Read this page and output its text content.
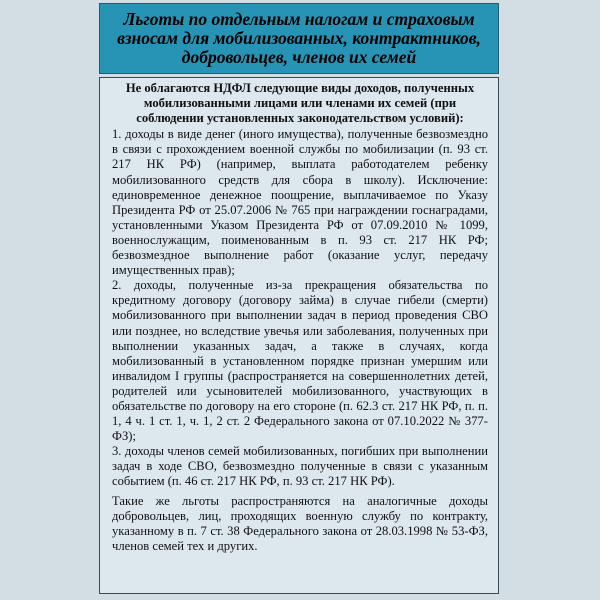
Льготы по отдельным налогам и страховым взносам для мобилизованных, контрактников, добровольцев, членов их семей
Не облагаются НДФЛ следующие виды доходов, полученных мобилизованными лицами или членами их семей (при соблюдении установленных законодательством условий):

1. доходы в виде денег (иного имущества), полученные безвозмездно в связи с прохождением военной службы по мобилизации (п. 93 ст. 217 НК РФ) (например, выплата работодателем ребенку мобилизованного средств для сбора в школу). Исключение: единовременное денежное поощрение, выплачиваемое по Указу Президента РФ от 25.07.2006 № 765 при награждении госнаградами, установленными Указом Президента РФ от 07.09.2010 № 1099, военнослужащим, поименованным в п. 93 ст. 217 НК РФ; безвозмездное выполнение работ (оказание услуг, передачу имущественных прав);

2. доходы, полученные из-за прекращения обязательства по кредитному договору (договору займа) в случае гибели (смерти) мобилизованного при выполнении задач в период проведения СВО или позднее, но вследствие увечья или заболевания, полученных при выполнении указанных задач, а также в случаях, когда мобилизованный в установленном порядке признан умершим или инвалидом I группы (распространяется на совершеннолетних детей, родителей или усыновителей мобилизованного, участвующих в обязательстве по договору на его стороне (п. 62.3 ст. 217 НК РФ, п. п. 1, 4 ч. 1 ст. 1, ч. 1, 2 ст. 2 Федерального закона от 07.10.2022 № 377-ФЗ);

3. доходы членов семей мобилизованных, погибших при выполнении задач в ходе СВО, безвозмездно полученные в связи с указанным событием (п. 46 ст. 217 НК РФ, п. 93 ст. 217 НК РФ).

Такие же льготы распространяются на аналогичные доходы добровольцев, лиц, проходящих военную службу по контракту, указанному в п. 7 ст. 38 Федерального закона от 28.03.1998 № 53-ФЗ, членов семей тех и других.
